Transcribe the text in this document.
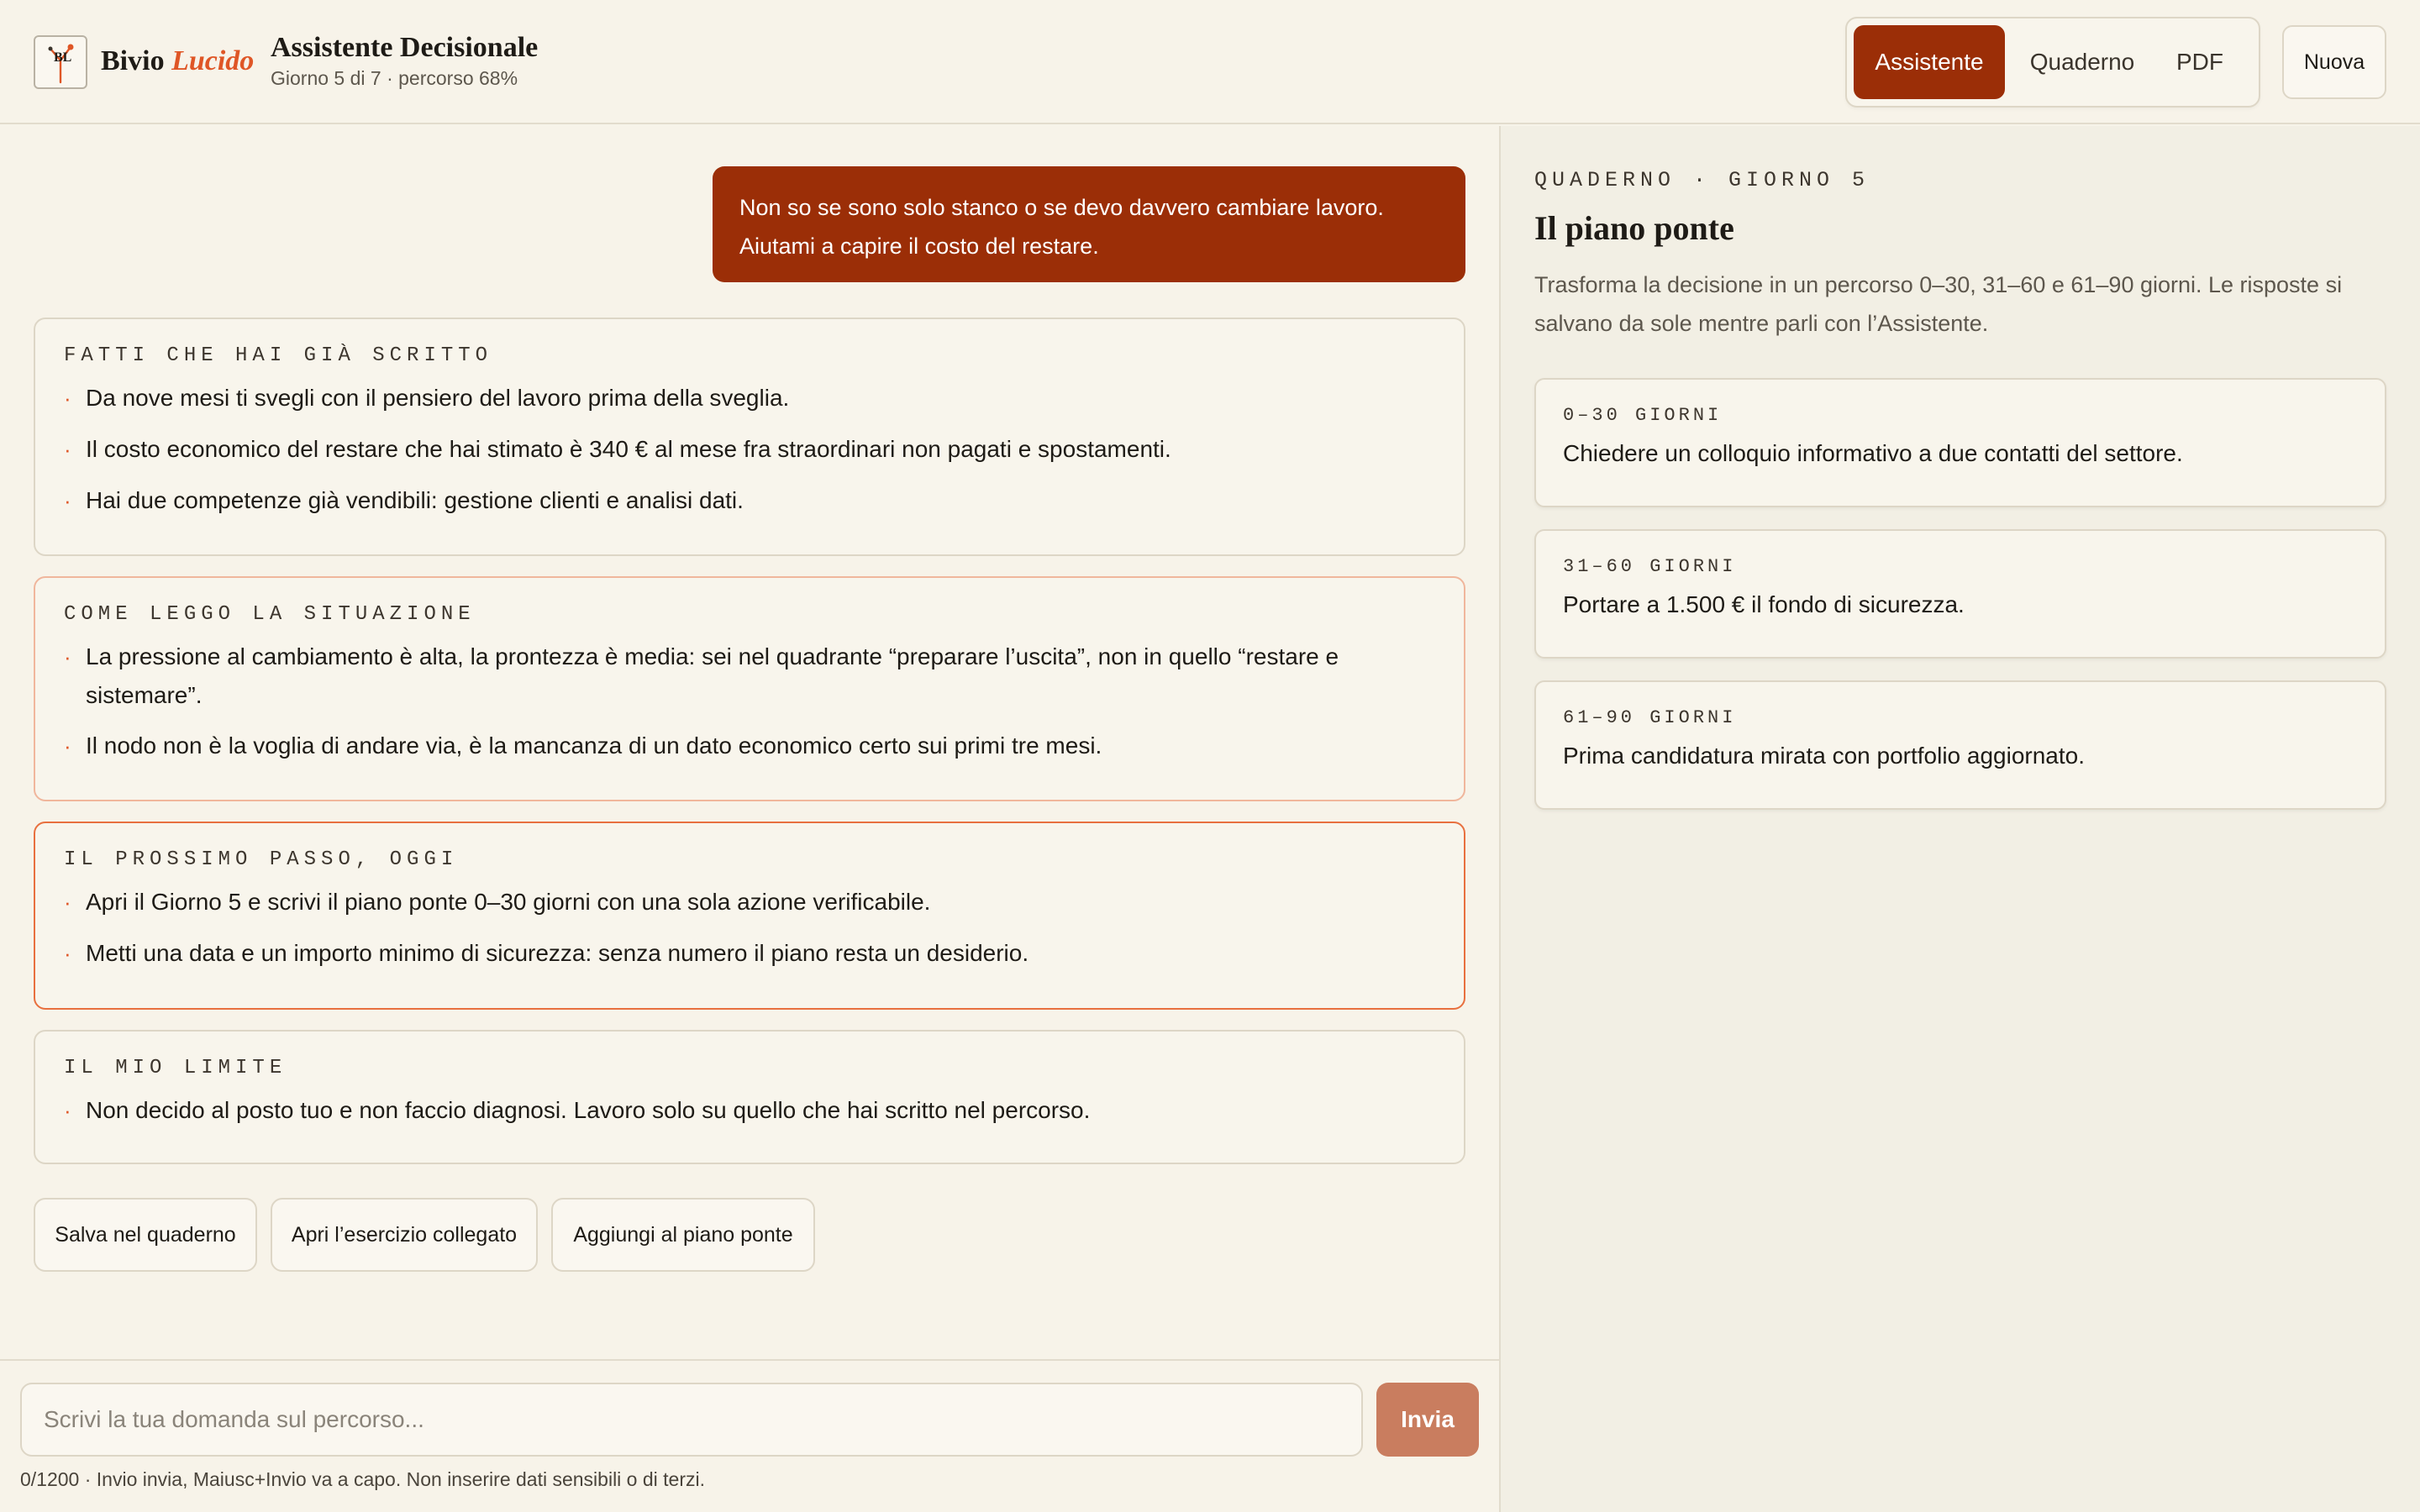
BL Bivio Lucido Assistente Decisionale
Giorno 5 di 7 · percorso 68%
Assistente	Quaderno	PDF	Nuova
Non so se sono solo stanco o se devo davvero cambiare lavoro. Aiutami a capire il costo del restare.
FATTI CHE HAI GIÀ SCRITTO
· Da nove mesi ti svegli con il pensiero del lavoro prima della sveglia.
· Il costo economico del restare che hai stimato è 340 € al mese fra straordinari non pagati e spostamenti.
· Hai due competenze già vendibili: gestione clienti e analisi dati.
COME LEGGO LA SITUAZIONE
· La pressione al cambiamento è alta, la prontezza è media: sei nel quadrante “preparare l’uscita”, non in quello “restare e sistemare”.
· Il nodo non è la voglia di andare via, è la mancanza di un dato economico certo sui primi tre mesi.
IL PROSSIMO PASSO, OGGI
· Apri il Giorno 5 e scrivi il piano ponte 0–30 giorni con una sola azione verificabile.
· Metti una data e un importo minimo di sicurezza: senza numero il piano resta un desiderio.
IL MIO LIMITE
· Non decido al posto tuo e non faccio diagnosi. Lavoro solo su quello che hai scritto nel percorso.
Salva nel quaderno	Apri l’esercizio collegato	Aggiungi al piano ponte
Scrivi la tua domanda sul percorso...
Invia
0/1200 · Invio invia, Maiusc+Invio va a capo. Non inserire dati sensibili o di terzi.
QUADERNO · GIORNO 5
Il piano ponte
Trasforma la decisione in un percorso 0–30, 31–60 e 61–90 giorni. Le risposte si salvano da sole mentre parli con l’Assistente.
0–30 GIORNI
Chiedere un colloquio informativo a due contatti del settore.
31–60 GIORNI
Portare a 1.500 € il fondo di sicurezza.
61–90 GIORNI
Prima candidatura mirata con portfolio aggiornato.
